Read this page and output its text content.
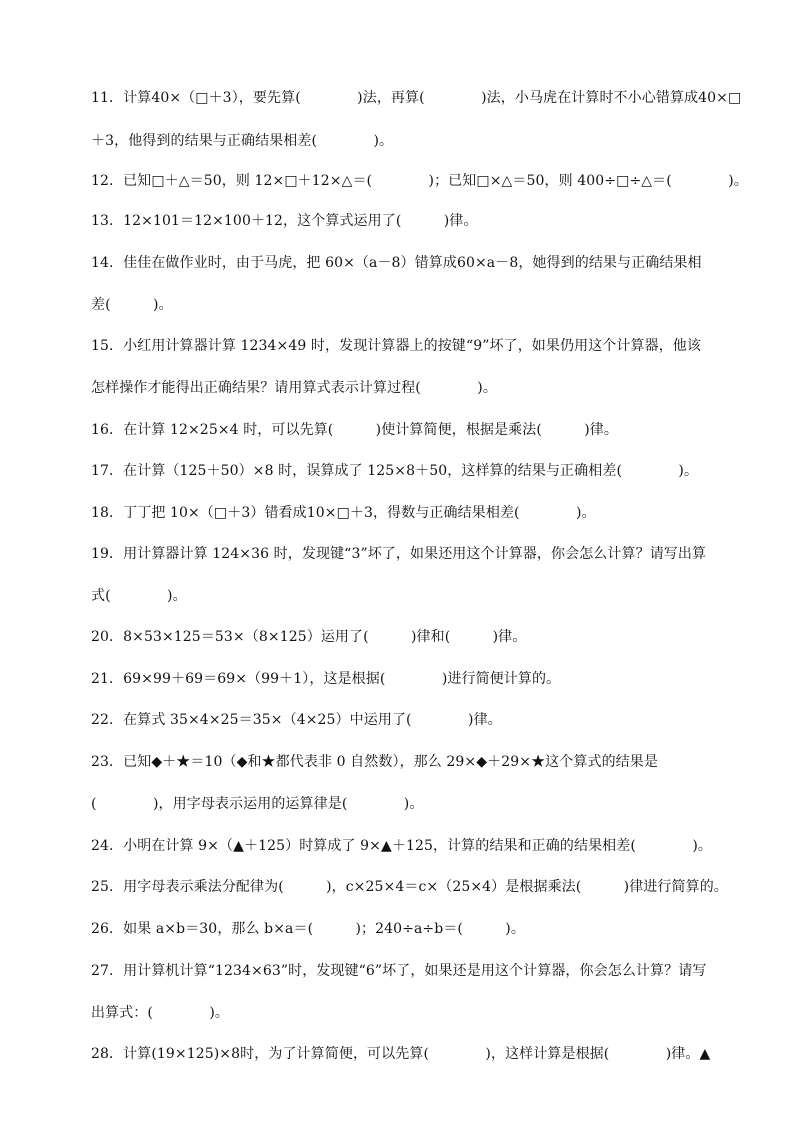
11．计算40×（□＋3），要先算(　　　　)法，再算(　　　　)法，小马虎在计算时不小心错算成40×□
＋3，他得到的结果与正确结果相差(　　　　)。
12．已知□＋△＝50，则 12×□＋12×△＝(　　　　)；已知□×△＝50，则 400÷□÷△＝(　　　　)。
13．12×101＝12×100＋12，这个算式运用了(　　　)律。
14．佳佳在做作业时，由于马虎，把 60×（a－8）错算成60×a－8，她得到的结果与正确结果相
差(　　　)。
15．小红用计算器计算 1234×49 时，发现计算器上的按键“9”坏了，如果仍用这个计算器，他该
怎样操作才能得出正确结果？请用算式表示计算过程(　　　　)。
16．在计算 12×25×4 时，可以先算(　　　)使计算简便，根据是乘法(　　　)律。
17．在计算（125＋50）×8 时，误算成了 125×8＋50，这样算的结果与正确相差(　　　　)。
18．丁丁把 10×（□＋3）错看成10×□＋3，得数与正确结果相差(　　　　)。
19．用计算器计算 124×36 时，发现键“3”坏了，如果还用这个计算器，你会怎么计算？请写出算
式(　　　　)。
20．8×53×125＝53×（8×125）运用了(　　　)律和(　　　)律。
21．69×99＋69＝69×（99＋1），这是根据(　　　　)进行简便计算的。
22．在算式 35×4×25＝35×（4×25）中运用了(　　　　)律。
23．已知◆＋★＝10（◆和★都代表非 0 自然数），那么 29×◆＋29×★这个算式的结果是
(　　　　)，用字母表示运用的运算律是(　　　　)。
24．小明在计算 9×（▲＋125）时算成了 9×▲＋125，计算的结果和正确的结果相差(　　　　)。
25．用字母表示乘法分配律为(　　　)，c×25×4＝c×（25×4）是根据乘法(　　　)律进行简算的。
26．如果 a×b＝30，那么 b×a＝(　　　)；240÷a÷b＝(　　　)。
27．用计算机计算“1234×63”时，发现键“6”坏了，如果还是用这个计算器，你会怎么计算？请写
出算式：(　　　　)。
28．计算(19×125)×8时，为了计算简便，可以先算(　　　　)，这样计算是根据(　　　　)律。▲
